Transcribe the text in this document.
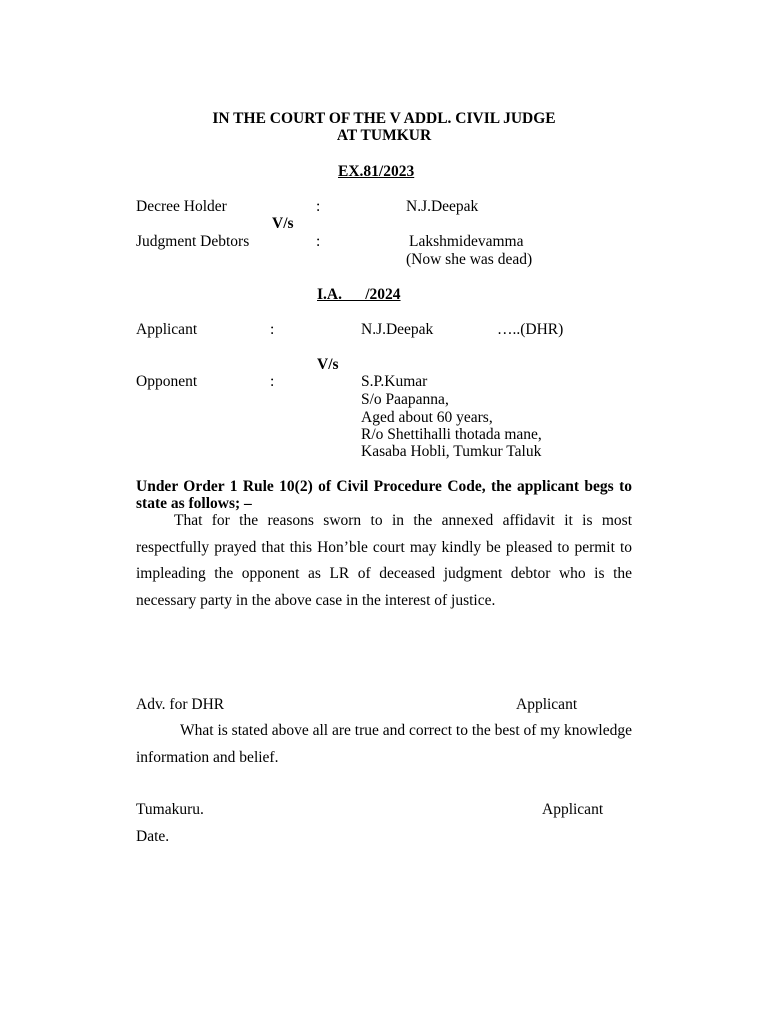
IN THE COURT OF THE V ADDL. CIVIL JUDGE
AT TUMKUR
EX.81/2023
Decree Holder	:	N.J.Deepak
V/s
Judgment Debtors	:	Lakshmidevamma
(Now she was dead)
I.A.      /2024
Applicant	:	N.J.Deepak	…..(DHR)
V/s
Opponent	:	S.P.Kumar
S/o Paapanna,
Aged about 60 years,
R/o Shettihalli thotada mane,
Kasaba Hobli, Tumkur Taluk
Under Order 1 Rule 10(2) of Civil Procedure Code, the applicant begs to state as follows; –
That for the reasons sworn to in the annexed affidavit it is most respectfully prayed that this Hon’ble court may kindly be pleased to permit to impleading the opponent as LR of deceased judgment debtor who is the necessary party in the above case in the interest of justice.
Adv. for DHR	Applicant
What is stated above all are true and correct to the best of my knowledge information and belief.
Tumakuru.	Applicant
Date.
